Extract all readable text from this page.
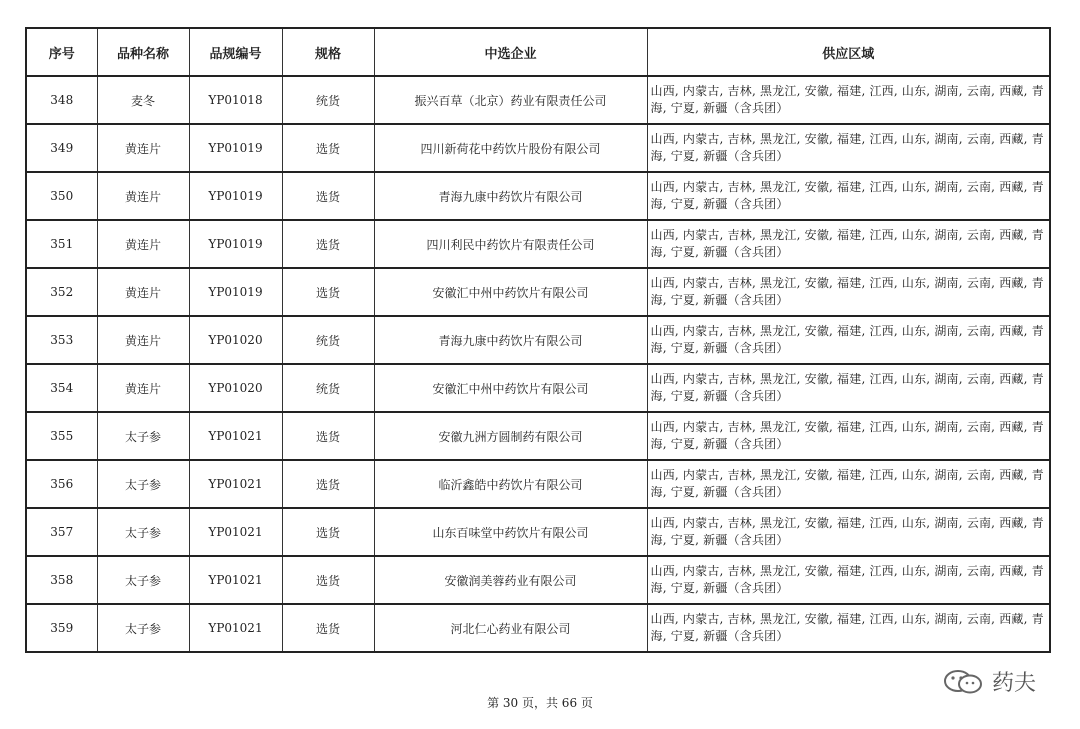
序号	品种名称	品规编号	规格	中选企业	供应区域
348	麦冬	YP01018	统货	振兴百草（北京）药业有限责任公司	山西, 内蒙古, 吉林, 黑龙江, 安徽, 福建, 江西, 山东, 湖南, 云南, 西藏, 青海, 宁夏, 新疆（含兵团）
349	黄连片	YP01019	选货	四川新荷花中药饮片股份有限公司	山西, 内蒙古, 吉林, 黑龙江, 安徽, 福建, 江西, 山东, 湖南, 云南, 西藏, 青海, 宁夏, 新疆（含兵团）
350	黄连片	YP01019	选货	青海九康中药饮片有限公司	山西, 内蒙古, 吉林, 黑龙江, 安徽, 福建, 江西, 山东, 湖南, 云南, 西藏, 青海, 宁夏, 新疆（含兵团）
351	黄连片	YP01019	选货	四川利民中药饮片有限责任公司	山西, 内蒙古, 吉林, 黑龙江, 安徽, 福建, 江西, 山东, 湖南, 云南, 西藏, 青海, 宁夏, 新疆（含兵团）
352	黄连片	YP01019	选货	安徽汇中州中药饮片有限公司	山西, 内蒙古, 吉林, 黑龙江, 安徽, 福建, 江西, 山东, 湖南, 云南, 西藏, 青海, 宁夏, 新疆（含兵团）
353	黄连片	YP01020	统货	青海九康中药饮片有限公司	山西, 内蒙古, 吉林, 黑龙江, 安徽, 福建, 江西, 山东, 湖南, 云南, 西藏, 青海, 宁夏, 新疆（含兵团）
354	黄连片	YP01020	统货	安徽汇中州中药饮片有限公司	山西, 内蒙古, 吉林, 黑龙江, 安徽, 福建, 江西, 山东, 湖南, 云南, 西藏, 青海, 宁夏, 新疆（含兵团）
355	太子参	YP01021	选货	安徽九洲方圆制药有限公司	山西, 内蒙古, 吉林, 黑龙江, 安徽, 福建, 江西, 山东, 湖南, 云南, 西藏, 青海, 宁夏, 新疆（含兵团）
356	太子参	YP01021	选货	临沂鑫皓中药饮片有限公司	山西, 内蒙古, 吉林, 黑龙江, 安徽, 福建, 江西, 山东, 湖南, 云南, 西藏, 青海, 宁夏, 新疆（含兵团）
357	太子参	YP01021	选货	山东百味堂中药饮片有限公司	山西, 内蒙古, 吉林, 黑龙江, 安徽, 福建, 江西, 山东, 湖南, 云南, 西藏, 青海, 宁夏, 新疆（含兵团）
358	太子参	YP01021	选货	安徽润美蓉药业有限公司	山西, 内蒙古, 吉林, 黑龙江, 安徽, 福建, 江西, 山东, 湖南, 云南, 西藏, 青海, 宁夏, 新疆（含兵团）
359	太子参	YP01021	选货	河北仁心药业有限公司	山西, 内蒙古, 吉林, 黑龙江, 安徽, 福建, 江西, 山东, 湖南, 云南, 西藏, 青海, 宁夏, 新疆（含兵团）
药夫
第 30 页，共 66 页
